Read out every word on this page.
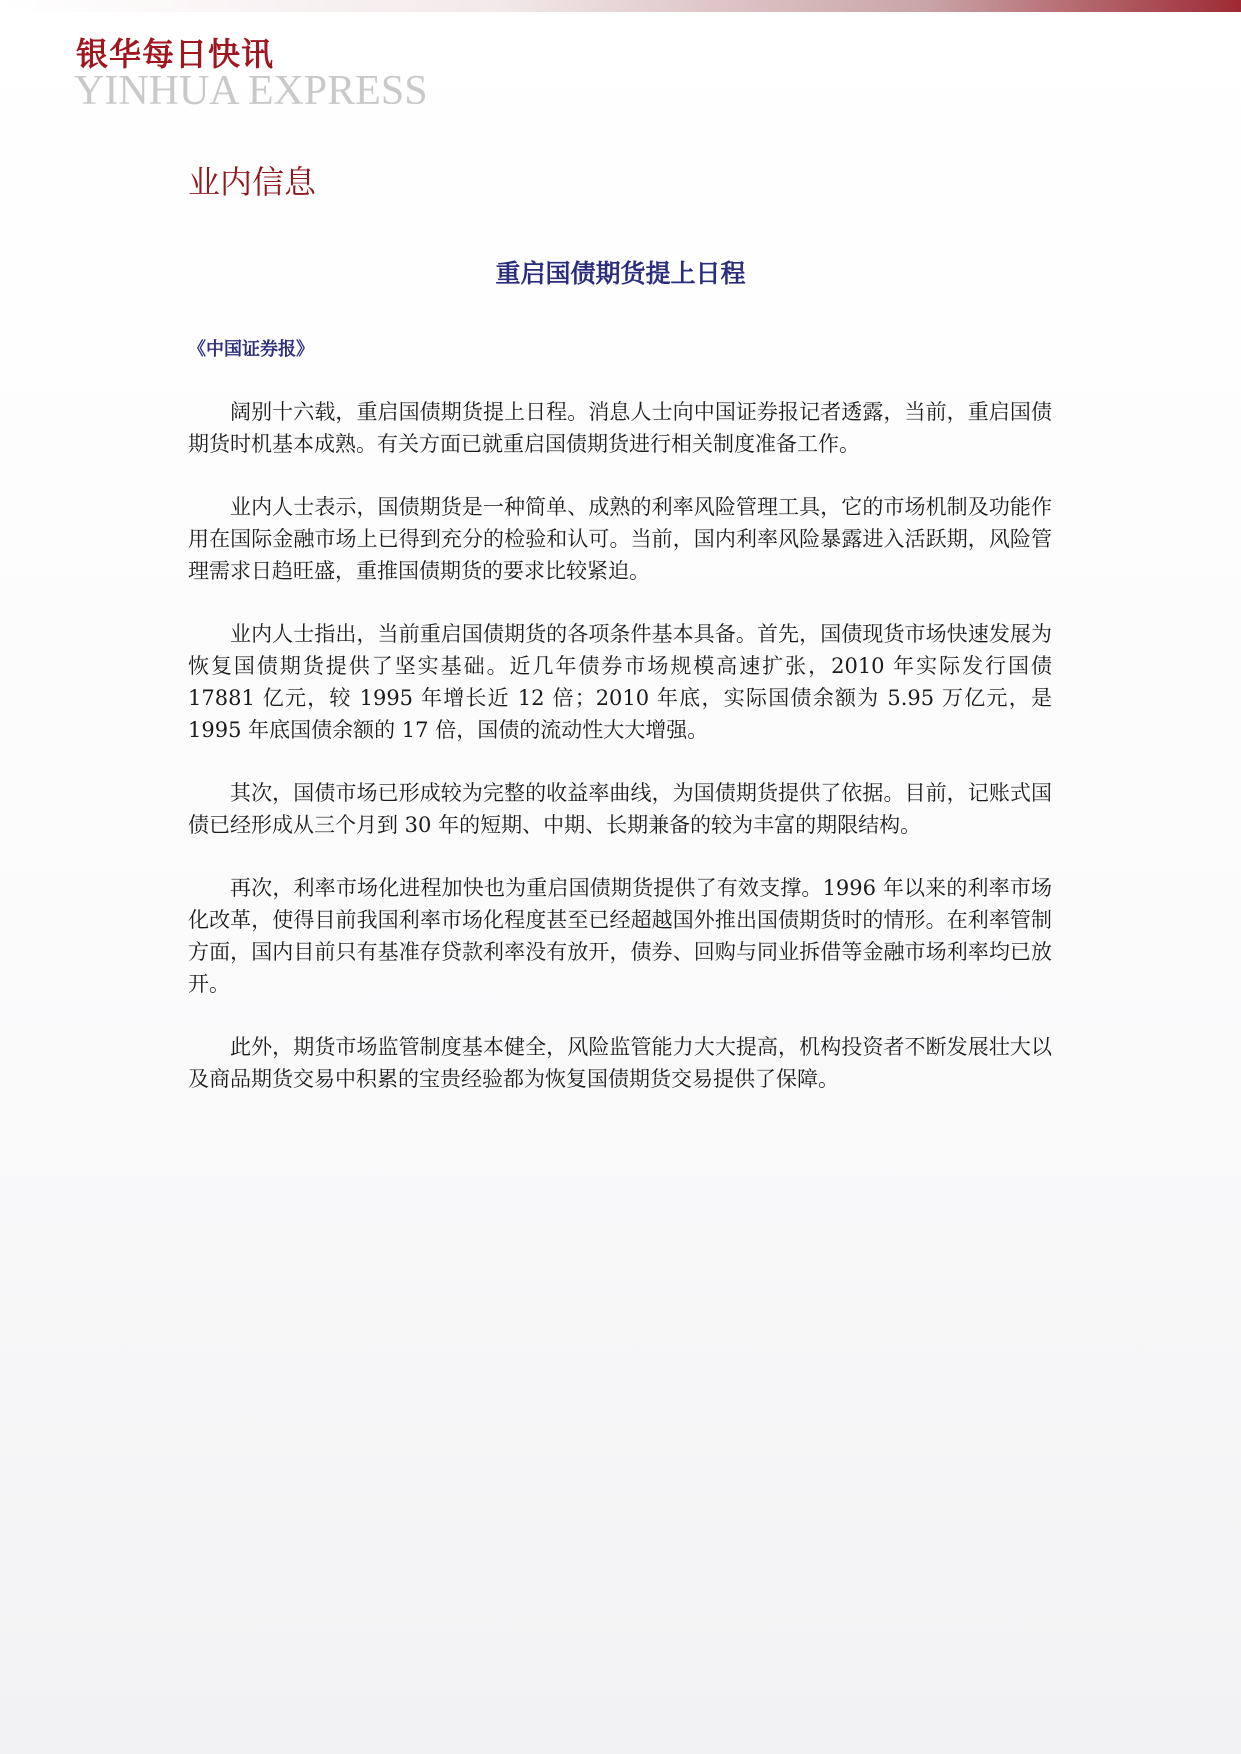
银华每日快讯
YINHUA EXPRESS
业内信息
重启国债期货提上日程
《中国证券报》

阔别十六载，重启国债期货提上日程。消息人士向中国证券报记者透露，当前，重启国债期货时机基本成熟。有关方面已就重启国债期货进行相关制度准备工作。

业内人士表示，国债期货是一种简单、成熟的利率风险管理工具，它的市场机制及功能作用在国际金融市场上已得到充分的检验和认可。当前，国内利率风险暴露进入活跃期，风险管理需求日趋旺盛，重推国债期货的要求比较紧迫。

业内人士指出，当前重启国债期货的各项条件基本具备。首先，国债现货市场快速发展为恢复国债期货提供了坚实基础。近几年债券市场规模高速扩张，2010 年实际发行国债 17881 亿元，较 1995 年增长近 12 倍；2010 年底，实际国债余额为 5.95 万亿元，是 1995 年底国债余额的 17 倍，国债的流动性大大增强。

其次，国债市场已形成较为完整的收益率曲线，为国债期货提供了依据。目前，记账式国债已经形成从三个月到 30 年的短期、中期、长期兼备的较为丰富的期限结构。

再次，利率市场化进程加快也为重启国债期货提供了有效支撑。1996 年以来的利率市场化改革，使得目前我国利率市场化程度甚至已经超越国外推出国债期货时的情形。在利率管制方面，国内目前只有基准存贷款利率没有放开，债券、回购与同业拆借等金融市场利率均已放开。

此外，期货市场监管制度基本健全，风险监管能力大大提高，机构投资者不断发展壮大以及商品期货交易中积累的宝贵经验都为恢复国债期货交易提供了保障。
